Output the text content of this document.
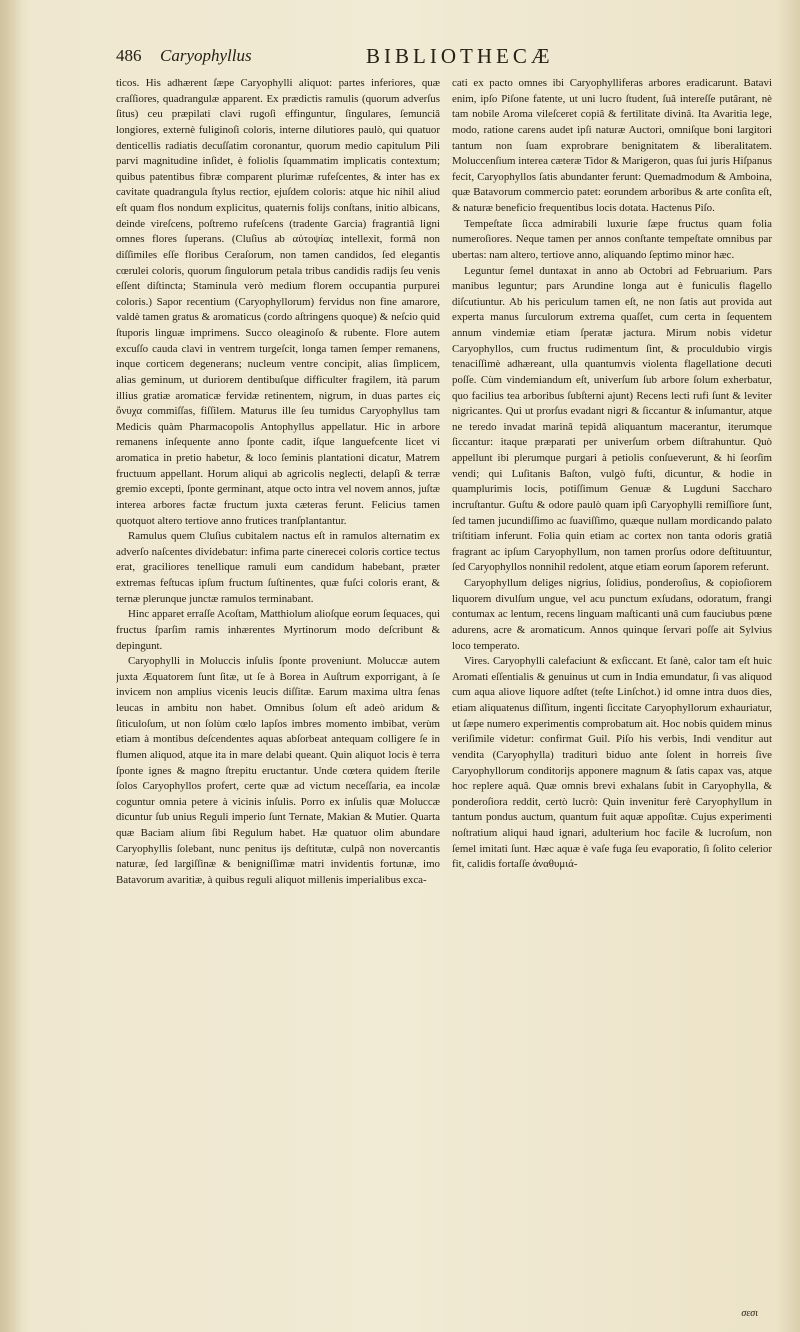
486 Caryophyllus	BIBLIOTHECÆ

ticos. His adhærent ſæpe Caryophylli aliquot: partes inferiores, quæ craſſiores, quadrangulæ apparent. Ex prædictis ramulis (quorum adverſus ſitus) ceu præpilati clavi rugoſi effinguntur, ſingulares, ſemunciâ longiores, externè fuliginoſi coloris, interne dilutiores paulò, qui quatuor denticellis radiatis decuſſatim coronantur, quorum medio capitulum Pili parvi magnitudine inſidet, è foliolis ſquammatim implicatis contextum; quibus patentibus fibræ comparent plurimæ rufeſcentes, & inter has ex cavitate quadrangula ſtylus rectior, ejuſdem coloris: atque hic nihil aliud eſt quam flos nondum explicitus, quaternis folijs conſtans, initio albicans, deinde vireſcens, poſtremo rufeſcens (tradente Garcia) fragrantiâ ligni omnes flores ſuperans. (Cluſius ab αὐτοψίας intellexit, formâ non diſſimiles eſſe floribus Ceraſorum, non tamen candidos, ſed elegantis cœrulei coloris, quorum ſingulorum petala tribus candidis radijs ſeu venis eſſent diſtincta; Staminula verò medium florem occupantia purpurei coloris.) Sapor recentium (Caryophyllorum) fervidus non fine amarore, valdè tamen gratus & aromaticus (cordo aſtringens quoque) & neſcio quid ſtuporis linguæ imprimens. Succo oleaginoſo & rubente. Flore autem excuſſo cauda clavi in ventrem turgeſcit, longa tamen ſemper remanens, inque corticem degenerans; nucleum ventre concipit, alias ſimplicem, alias geminum, ut duriorem dentibuſque difficulter fragilem, ità parum illius gratiæ aromaticæ fervidæ retinentem, nigrum, in duas partes εἰς ὄνυχα commiſſas, fiſſilem. Maturus ille ſeu tumidus Caryophyllus tam Medicis quàm Pharmacopolis Antophyllus appellatur. Hic in arbore remanens inſequente anno ſponte cadit, iſque languefcente licet vi aromatica in pretio habetur, & loco ſeminis plantationi dicatur, Matrem fructuum appellant. Horum aliqui ab agricolis neglecti, delapſi & terræ gremio excepti, ſponte germinant, atque octo intra vel novem annos, juſtæ interea arbores factæ fructum juxta cæteras ferunt. Felicius tamen quotquot altero tertiove anno frutices tranſplantantur.

Ramulus quem Cluſius cubitalem nactus eſt in ramulos alternatim ex adverſo naſcentes dividebatur: infima parte cinerecei coloris cortice tectus erat, graciliores tenelliquе ramuli eum candidum habebant, præter extremas feſtucas ipſum fructum ſuſtinentes, quæ fuſci coloris erant, & ternæ plerunque junctæ ramulos terminabant.

Hinc apparet erraſſe Acoſtam, Matthiolum alioſque eorum ſequaces, qui fructus ſparſim ramis inhærentes Myrtinorum modo deſcribunt & depingunt.

Caryophylli in Moluccis inſulis ſponte proveniunt. Moluccæ autem juxta Æquatorem ſunt ſitæ, ut ſe à Borea in Auſtrum exporrigant, à ſe invicem non amplius vicenis leucis diſſitæ. Earum maxima ultra ſenas leucas in ambitu non habet. Omnibus ſolum eſt adeò aridum & ſiticuloſum, ut non ſolùm cœlo lapſos imbres momento imbibat, verùm etiam à montibus deſcendentes aquas abſorbeat antequam colligere ſe in flumen aliquod, atque ita in mare delabi queant. Quin aliquot locis è terra ſponte ignes & magno ſtrepitu eructantur. Unde cœtera quidem ſterile ſolos Caryophyllos profert, certe quæ ad victum neceſſaria, ea incolæ coguntur omnia petere à vicinis inſulis. Porro ex inſulis quæ Moluccæ dicuntur ſub unius Reguli imperio ſunt Ternate, Makian & Mutier. Quarta quæ Baciam alium ſibi Regulum habet. Hæ quatuor olim abundare Caryophyllis ſolebant, nunc penitus ijs deſtitutæ, culpâ non novercantis naturæ, ſed largiſſinæ & benigniſſimæ matri invidentis fortunæ, imo Batavorum avaritiæ, à quibus reguli aliquot millenis imperialibus exca-

cati ex pacto omnes ibi Caryophylliferas arbores eradicarunt. Batavi enim, ipſo Piſone fatente, ut uni lucro ſtudent, ſuâ intereſſe putârant, nè tam nobile Aroma vileſceret copiâ & fertilitate divinâ. Ita Avaritia lege, modo, ratione carens audet ipſi naturæ Auctori, omniſque boni largitori tantum non ſuam exprobrare benignitatem & liberalitatem. Moluccenſium interea cæteræ Tidor & Marigeron, quas ſui juris Hiſpanus fecit, Caryophyllos ſatis abundanter ferunt: Quemadmodum & Amboina, quæ Batavorum commercio patet: eorundem arboribus & arte conſita eſt, & naturæ beneficio frequentibus locis dotata. Hactenus Piſo.

Tempeſtate ſicca admirabili luxurie ſæpe fructus quam folia numeroſiores. Neque tamen per annos conſtante tempeſtate omnibus par ubertas: nam altero, tertiove anno, aliquando ſeptimo minor hæc.

Leguntur ſemel duntaxat in anno ab Octobri ad Februarium. Pars manibus leguntur; pars Arundine longa aut è funiculis flagello diſcutiuntur. Ab his periculum tamen eſt, ne non ſatis aut provida aut experta manus ſurculorum extrema quaſſet, cum certa in ſequentem annum vindemiæ etiam ſperatæ jactura. Mirum nobis videtur Caryophyllos, cum fructus rudimentum ſint, & proculdubio virgis tenaciſſimè adhæreant, ulla quantumvis violenta flagellatione decuti poſſe. Cùm vindemiandum eſt, univerſum ſub arbore ſolum exherbatur, quo facilius tea arboribus ſubſterni ajunt) Recens lecti rufi ſunt & leviter nigricantes. Qui ut prorſus evadant nigri & ſiccantur & inſumantur, atque ne teredo invadat marinâ tepidâ aliquantum macerantur, iterumque ſiccantur: itaque præparati per univerſum orbem diſtrahuntur. Quò appellunt ibi plerumque purgari à petiolis conſueverunt, & hi ſeorſim vendi; qui Luſitanis Baſton, vulgò fuſti, dicuntur, & hodie in quamplurimis locis, potiſſimum Genuæ & Lugduni Saccharo incruſtantur. Guſtu & odore paulò quam ipſi Caryophylli remiſſiore ſunt, ſed tamen jucundiſſimo ac ſuaviſſimo, quæque nullam mordicando palato triſtitiam inferunt. Folia quin etiam ac cortex non tanta odoris gratiâ fragrant ac ipſum Caryophyllum, non tamen prorſus odore deſtituuntur, ſed Caryophyllos nonnihil redolent, atque etiam eorum ſaporem referunt.

Caryophyllum deliges nigrius, ſolidius, ponderoſius, & copioſiorem liquorem divulſum ungue, vel acu punctum exſudans, odoratum, frangi contumax ac lentum, recens linguam maſticanti unâ cum fauciubus pœne adurens, acre & aromaticum. Annos quinque ſervari poſſe ait Sylvius loco temperato.

Vires. Caryophylli calefaciunt & exſiccant. Et ſanè, calor tam eſt huic Aromati eſſentialis & genuinus ut cum in India emundatur, ſi vas aliquod cum aqua aliove liquore adſtet (teſte Linſchot.) id omne intra duos dies, etiam aliquatenus diſſitum, ingenti ſiccitate Caryophyllorum exhauriatur, ut ſæpe numero experimentis comprobatum ait. Hoc nobis quidem minus veriſimile videtur: confirmat Guil. Piſo his verbis, Indi venditur aut vendita (Caryophylla) traditurì biduo ante ſolent in horreis ſive Caryophyllorum conditorijs apponere magnum & ſatis capax vas, atque hoc replere aquâ. Quæ omnis brevi exhalans ſubit in Caryophylla, & ponderoſiora reddit, certò lucrò: Quin invenitur ferè Caryophyllum in tantum pondus auctum, quantum fuit aquæ appoſitæ. Cujus experimenti noſtratium aliqui haud ignari, adulterium hoc facile & lucroſum, non ſemel imitati ſunt. Hæc aquæ è vaſe fuga ſeu evaporatio, ſi ſolito celerior fit, calidis fortaſſe ἀναθυμιά-

σεσι
